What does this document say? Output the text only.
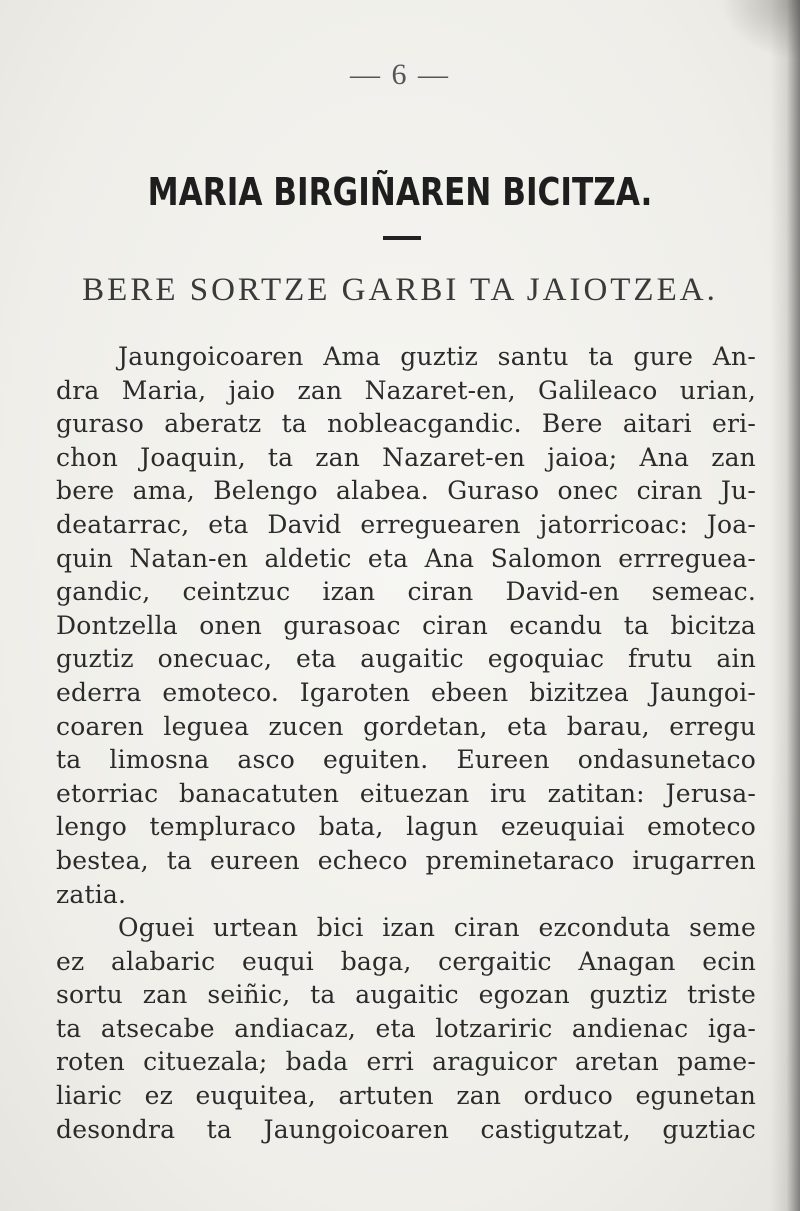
— 6 —
MARIA BIRGIÑAREN BICITZA.
BERE SORTZE GARBI TA JAIOTZEA.
Jaungoicoaren Ama guztiz santu ta gure An-
dra Maria, jaio zan Nazaret-en, Galileaco urian,
guraso aberatz ta nobleacgandic. Bere aitari eri-
chon Joaquin, ta zan Nazaret-en jaioa; Ana zan
bere ama, Belengo alabea. Guraso onec ciran Ju-
deatarrac, eta David erreguearen jatorricoac: Joa-
quin Natan-en aldetic eta Ana Salomon errreguea-
gandic, ceintzuc izan ciran David-en semeac.
Dontzella onen gurasoac ciran ecandu ta bicitza
guztiz onecuac, eta augaitic egoquiac frutu ain
ederra emoteco. Igaroten ebeen bizitzea Jaungoi-
coaren leguea zucen gordetan, eta barau, erregu
ta limosna asco eguiten. Eureen ondasunetaco
etorriac banacatuten eituezan iru zatitan: Jerusa-
lengo templuraco bata, lagun ezeuquiai emoteco
bestea, ta eureen echeco preminetaraco irugarren
zatia.
Oguei urtean bici izan ciran ezconduta seme
ez alabaric euqui baga, cergaitic Anagan ecin
sortu zan seiñic, ta augaitic egozan guztiz triste
ta atsecabe andiacaz, eta lotzariric andienac iga-
roten cituezala; bada erri araguicor aretan pame-
liaric ez euquitea, artuten zan orduco egunetan
desondra ta Jaungoicoaren castigutzat, guztiac
